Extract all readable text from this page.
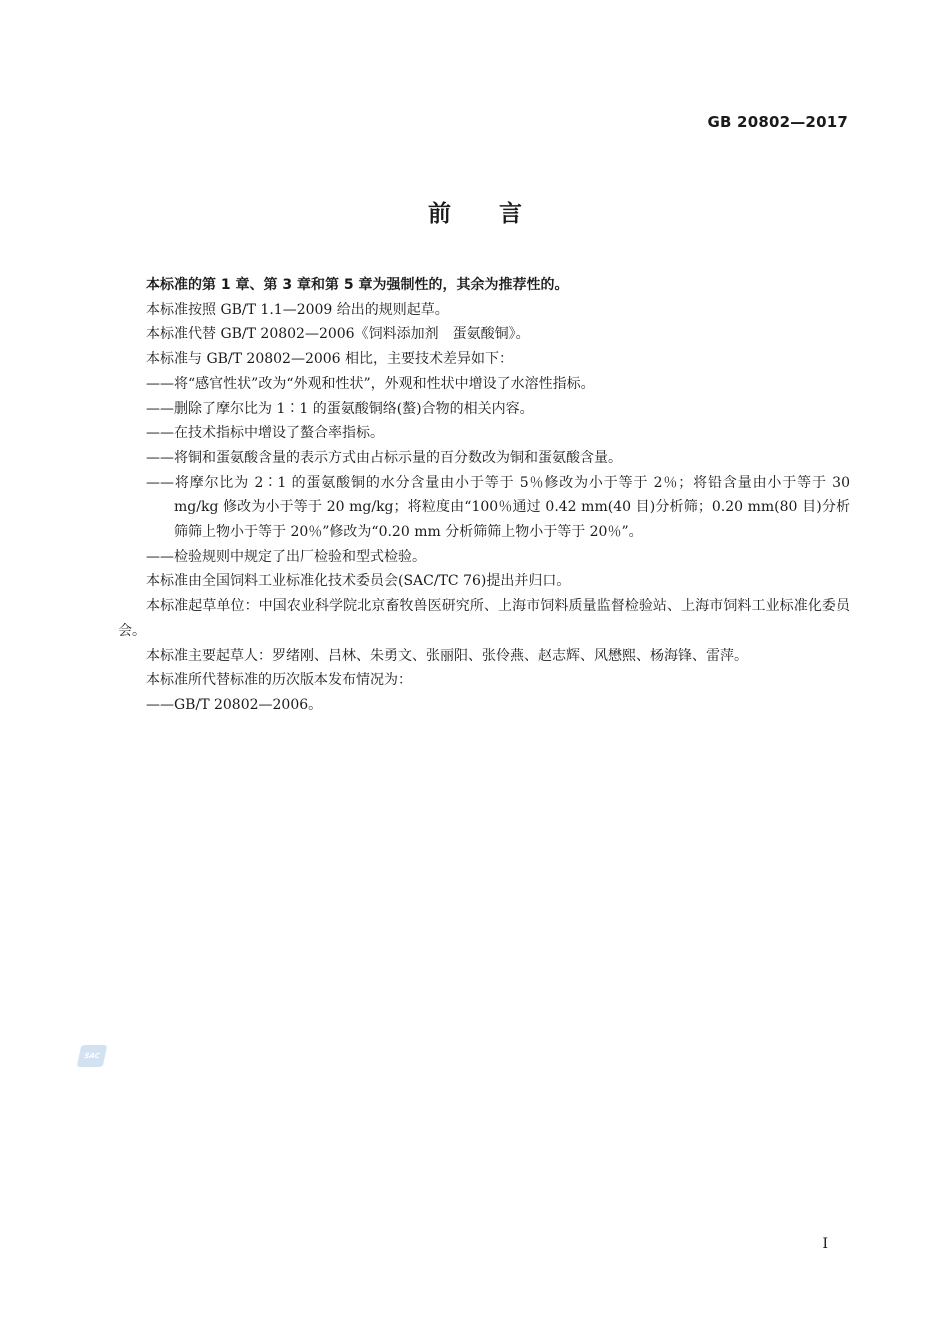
GB 20802—2017
前言

本标准的第 1 章、第 3 章和第 5 章为强制性的，其余为推荐性的。

本标准按照 GB/T 1.1—2009 给出的规则起草。

本标准代替 GB/T 20802—2006《饲料添加剂　蛋氨酸铜》。

本标准与 GB/T 20802—2006 相比，主要技术差异如下：

——将“感官性状”改为“外观和性状”，外观和性状中增设了水溶性指标。

——删除了摩尔比为 1∶1 的蛋氨酸铜络(螯)合物的相关内容。

——在技术指标中增设了螯合率指标。

——将铜和蛋氨酸含量的表示方式由占标示量的百分数改为铜和蛋氨酸含量。

——将摩尔比为 2∶1 的蛋氨酸铜的水分含量由小于等于 5％修改为小于等于 2％；将铅含量由小于等于 30 mg/kg 修改为小于等于 20 mg/kg；将粒度由“100％通过 0.42 mm(40 目)分析筛；0.20 mm(80 目)分析筛筛上物小于等于 20％”修改为“0.20 mm 分析筛筛上物小于等于 20％”。

——检验规则中规定了出厂检验和型式检验。

本标准由全国饲料工业标准化技术委员会(SAC/TC 76)提出并归口。

本标准起草单位：中国农业科学院北京畜牧兽医研究所、上海市饲料质量监督检验站、上海市饲料工业标准化委员会。

本标准主要起草人：罗绪刚、吕林、朱勇文、张丽阳、张伶燕、赵志辉、风懋熙、杨海锋、雷萍。

本标准所代替标准的历次版本发布情况为：

——GB/T 20802—2006。

SAC
I
